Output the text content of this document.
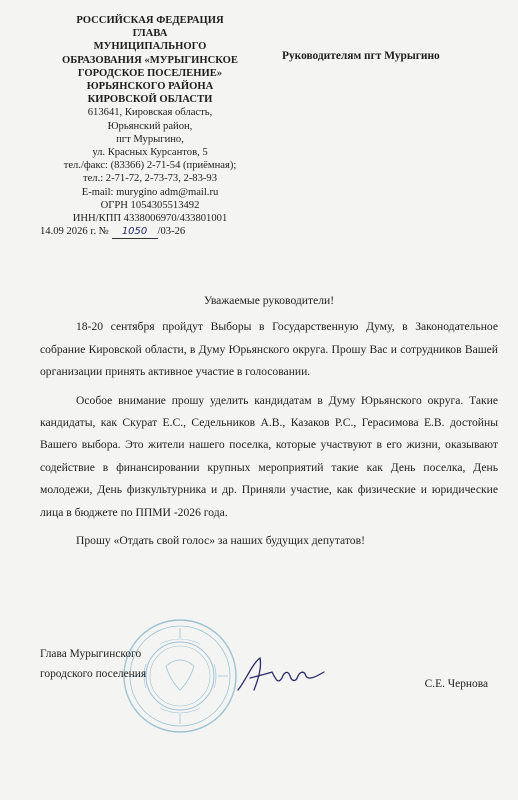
РОССИЙСКАЯ ФЕДЕРАЦИЯ
ГЛАВА
МУНИЦИПАЛЬНОГО
ОБРАЗОВАНИЯ «МУРЫГИНСКОЕ
ГОРОДСКОЕ ПОСЕЛЕНИЕ»
ЮРЬЯНСКОГО РАЙОНА
КИРОВСКОЙ ОБЛАСТИ
613641, Кировская область,
Юрьянский район,
пгт Мурыгино,
ул. Красных Курсантов, 5
тел./факс: (83366) 2-71-54 (приёмная);
тел.: 2-71-72, 2-73-73, 2-83-93
E-mail: murygino adm@mail.ru
ОГРН 1054305513492
ИНН/КПП 4338006970/433801001
14.09 2026 г. № 1050 /03-26
Руководителям пгт Мурыгино
Уважаемые руководители!

18-20 сентября пройдут Выборы в Государственную Думу, в Законодательное собрание Кировской области, в Думу Юрьянского округа. Прошу Вас и сотрудников Вашей организации принять активное участие в голосовании.

Особое внимание прошу уделить кандидатам в Думу Юрьянского округа. Такие кандидаты, как Скурат Е.С., Седельников А.В., Казаков Р.С., Герасимова Е.В. достойны Вашего выбора. Это жители нашего поселка, которые участвуют в его жизни, оказывают содействие в финансировании крупных мероприятий такие как День поселка, День молодежи, День физкультурника и др. Приняли участие, как физические и юридические лица в бюджете по ППМИ -2026 года.

Прошу «Отдать свой голос» за наших будущих депутатов!

Глава Мурыгинского
городского поселения
С.Е. Чернова
